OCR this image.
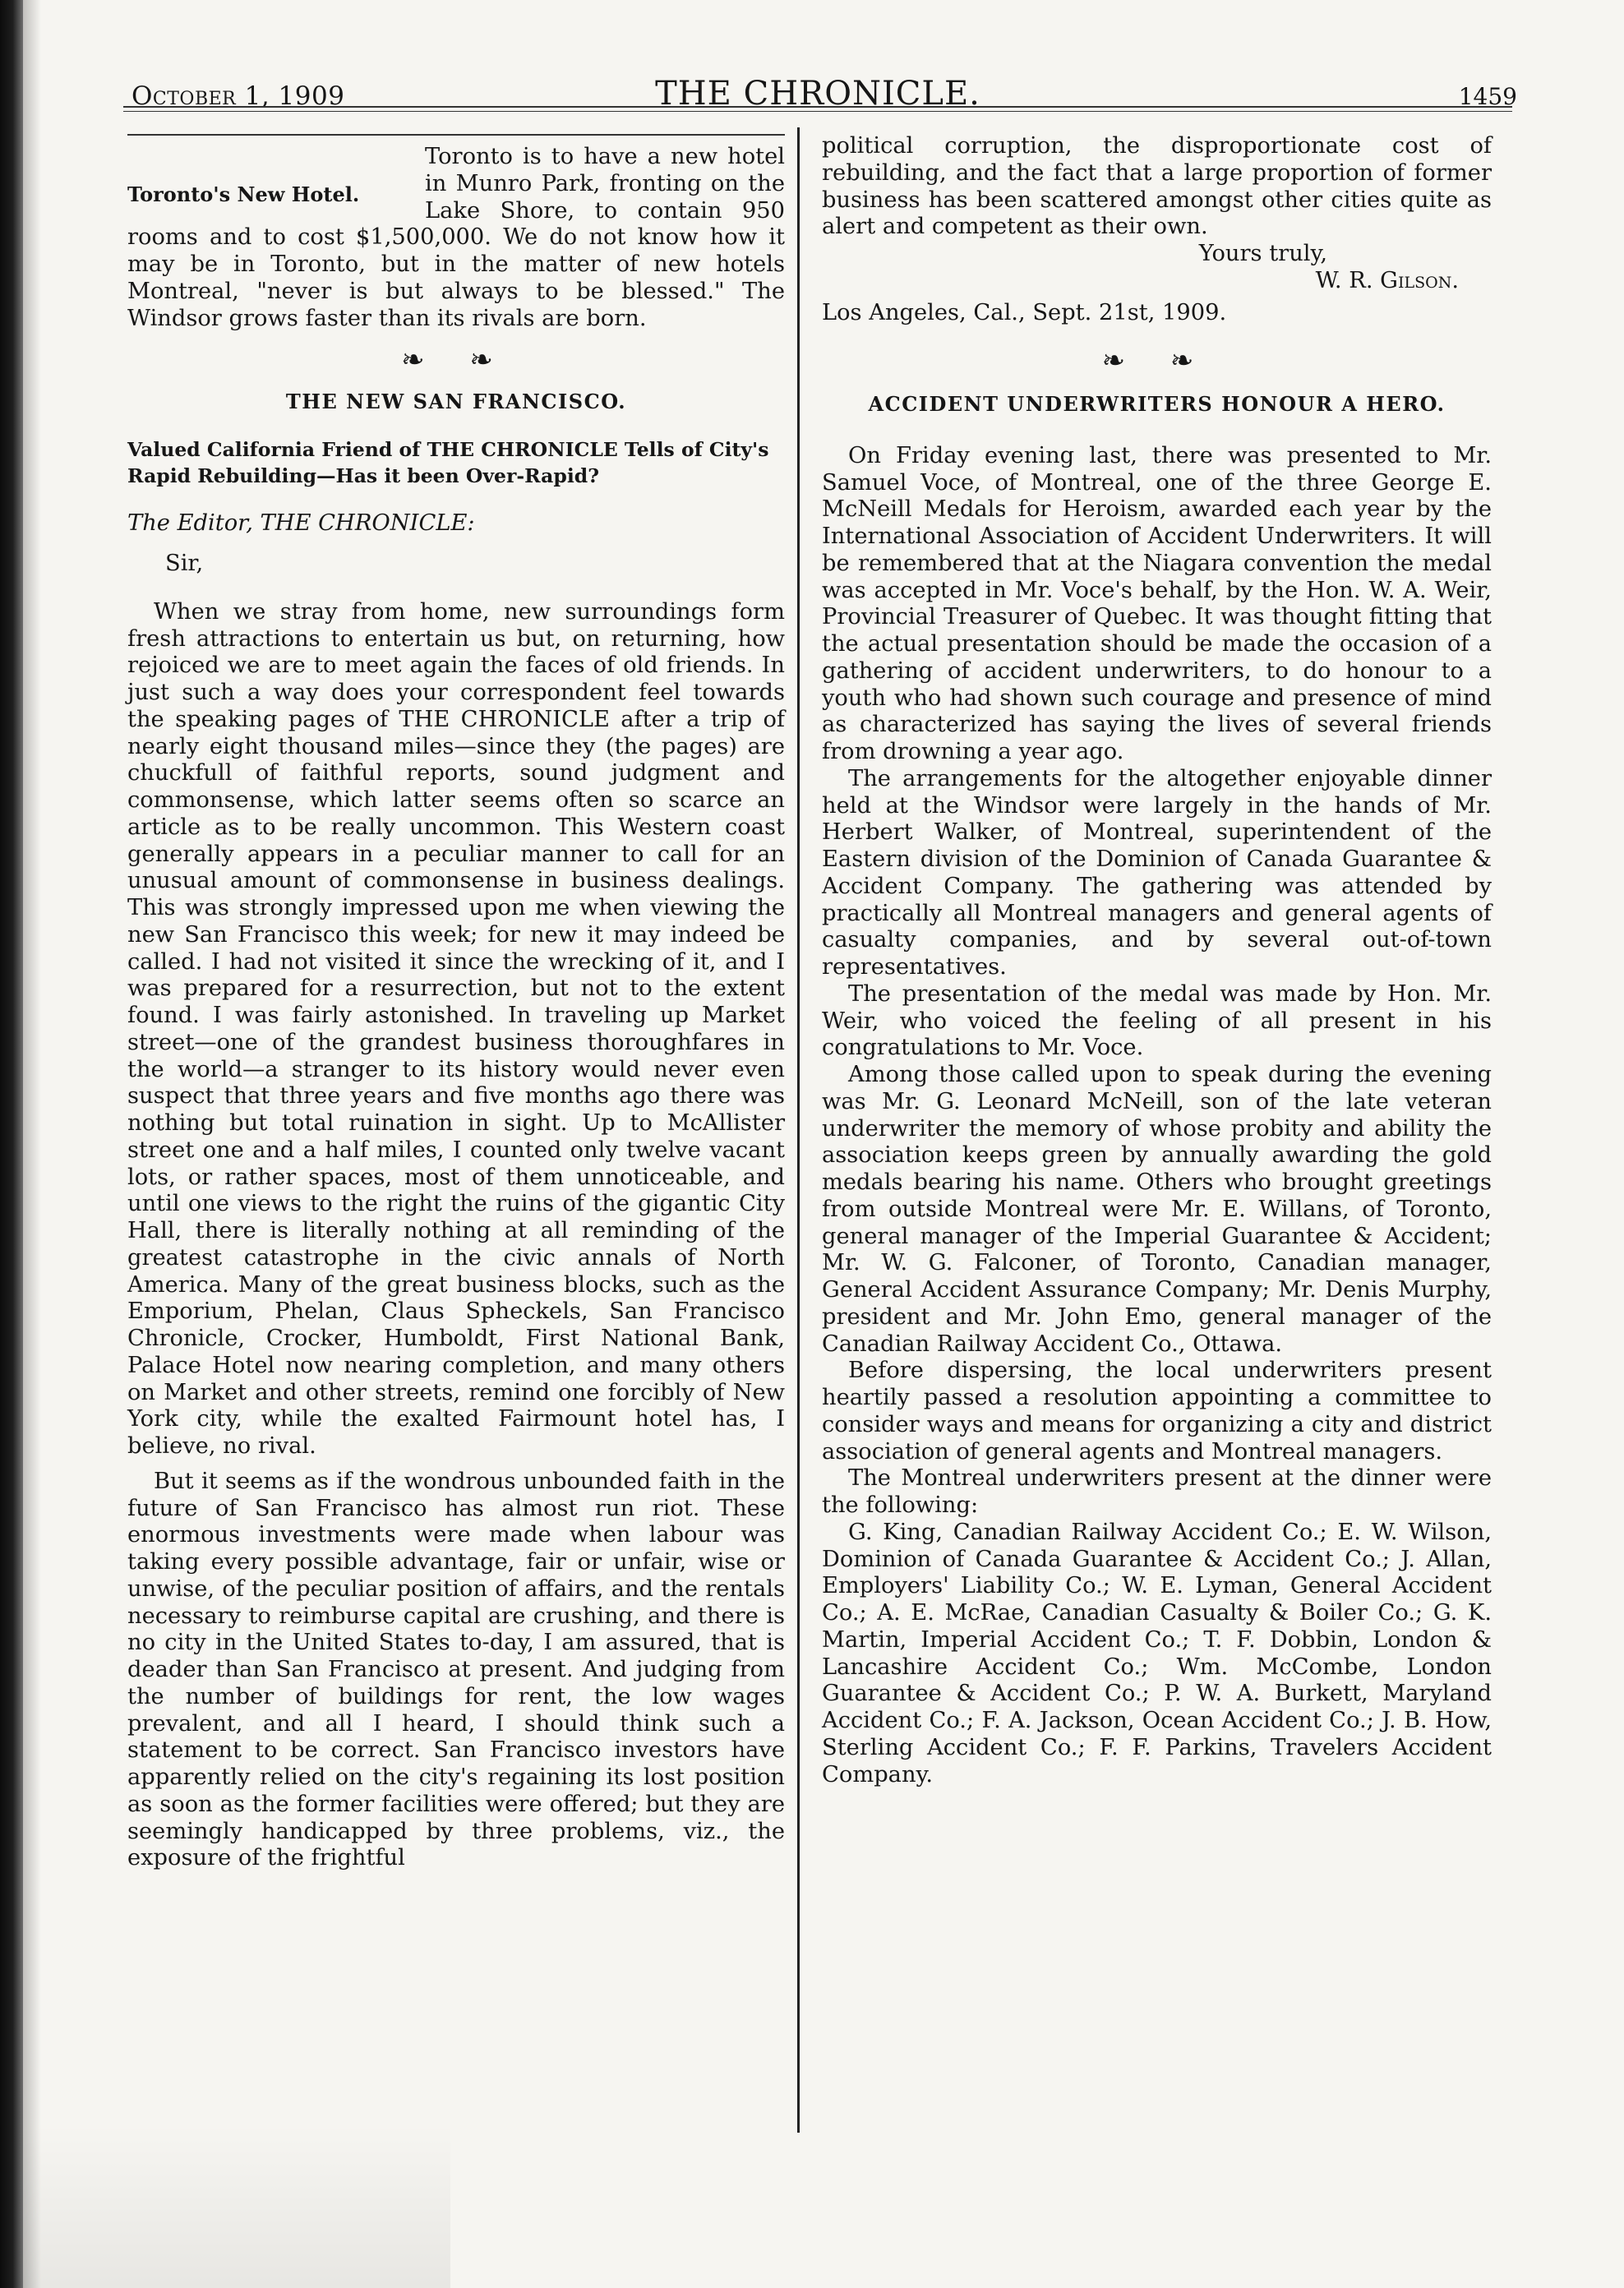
October 1, 1909	THE CHRONICLE.	1459
Toronto's New Hotel.

Toronto is to have a new hotel in Munro Park, fronting on the Lake Shore, to contain 950 rooms and to cost $1,500,000. We do not know how it may be in Toronto, but in the matter of new hotels Montreal, "never is but always to be blessed." The Windsor grows faster than its rivals are born.

❧ ❧
THE NEW SAN FRANCISCO.
Valued California Friend of THE CHRONICLE Tells of City's Rapid Rebuilding—Has it been Over-Rapid?
The Editor, THE CHRONICLE:
Sir,

When we stray from home, new surroundings form fresh attractions to entertain us but, on returning, how rejoiced we are to meet again the faces of old friends. In just such a way does your correspondent feel towards the speaking pages of THE CHRONICLE after a trip of nearly eight thousand miles—since they (the pages) are chuckfull of faithful reports, sound judgment and commonsense, which latter seems often so scarce an article as to be really uncommon. This Western coast generally appears in a peculiar manner to call for an unusual amount of commonsense in business dealings. This was strongly impressed upon me when viewing the new San Francisco this week; for new it may indeed be called. I had not visited it since the wrecking of it, and I was prepared for a resurrection, but not to the extent found. I was fairly astonished. In traveling up Market street—one of the grandest business thoroughfares in the world—a stranger to its history would never even suspect that three years and five months ago there was nothing but total ruination in sight. Up to McAllister street one and a half miles, I counted only twelve vacant lots, or rather spaces, most of them unnoticeable, and until one views to the right the ruins of the gigantic City Hall, there is literally nothing at all reminding of the greatest catastrophe in the civic annals of North America. Many of the great business blocks, such as the Emporium, Phelan, Claus Spheckels, San Francisco Chronicle, Crocker, Humboldt, First National Bank, Palace Hotel now nearing completion, and many others on Market and other streets, remind one forcibly of New York city, while the exalted Fairmount hotel has, I believe, no rival.

But it seems as if the wondrous unbounded faith in the future of San Francisco has almost run riot. These enormous investments were made when labour was taking every possible advantage, fair or unfair, wise or unwise, of the peculiar position of affairs, and the rentals necessary to reimburse capital are crushing, and there is no city in the United States to-day, I am assured, that is deader than San Francisco at present. And judging from the number of buildings for rent, the low wages prevalent, and all I heard, I should think such a statement to be correct. San Francisco investors have apparently relied on the city's regaining its lost position as soon as the former facilities were offered; but they are seemingly handicapped by three problems, viz., the exposure of the frightful

political corruption, the disproportionate cost of rebuilding, and the fact that a large proportion of former business has been scattered amongst other cities quite as alert and competent as their own.

Yours truly,
W. R. Gilson.
Los Angeles, Cal., Sept. 21st, 1909.
❧ ❧
ACCIDENT UNDERWRITERS HONOUR A HERO.

On Friday evening last, there was presented to Mr. Samuel Voce, of Montreal, one of the three George E. McNeill Medals for Heroism, awarded each year by the International Association of Accident Underwriters. It will be remembered that at the Niagara convention the medal was accepted in Mr. Voce's behalf, by the Hon. W. A. Weir, Provincial Treasurer of Quebec. It was thought fitting that the actual presentation should be made the occasion of a gathering of accident underwriters, to do honour to a youth who had shown such courage and presence of mind as characterized has saying the lives of several friends from drowning a year ago.

The arrangements for the altogether enjoyable dinner held at the Windsor were largely in the hands of Mr. Herbert Walker, of Montreal, superintendent of the Eastern division of the Dominion of Canada Guarantee & Accident Company. The gathering was attended by practically all Montreal managers and general agents of casualty companies, and by several out-of-town representatives.

The presentation of the medal was made by Hon. Mr. Weir, who voiced the feeling of all present in his congratulations to Mr. Voce.

Among those called upon to speak during the evening was Mr. G. Leonard McNeill, son of the late veteran underwriter the memory of whose probity and ability the association keeps green by annually awarding the gold medals bearing his name. Others who brought greetings from outside Montreal were Mr. E. Willans, of Toronto, general manager of the Imperial Guarantee & Accident; Mr. W. G. Falconer, of Toronto, Canadian manager, General Accident Assurance Company; Mr. Denis Murphy, president and Mr. John Emo, general manager of the Canadian Railway Accident Co., Ottawa.

Before dispersing, the local underwriters present heartily passed a resolution appointing a committee to consider ways and means for organizing a city and district association of general agents and Montreal managers.

The Montreal underwriters present at the dinner were the following:

G. King, Canadian Railway Accident Co.; E. W. Wilson, Dominion of Canada Guarantee & Accident Co.; J. Allan, Employers' Liability Co.; W. E. Lyman, General Accident Co.; A. E. McRae, Canadian Casualty & Boiler Co.; G. K. Martin, Imperial Accident Co.; T. F. Dobbin, London & Lancashire Accident Co.; Wm. McCombe, London Guarantee & Accident Co.; P. W. A. Burkett, Maryland Accident Co.; F. A. Jackson, Ocean Accident Co.; J. B. How, Sterling Accident Co.; F. F. Parkins, Travelers Accident Company.
